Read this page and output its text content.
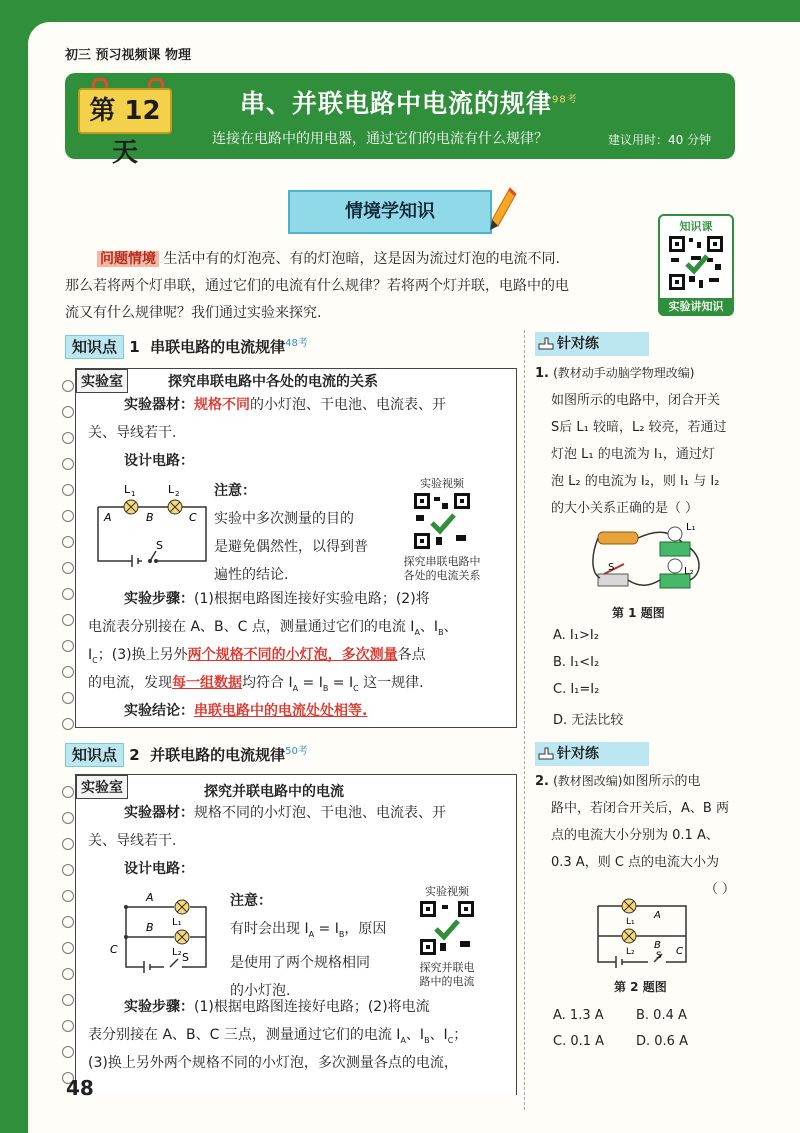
初三 预习视频课 物理
第 12 天
串、并联电路中电流的规律$^{98考}$
连接在电路中的用电器，通过它们的电流有什么规律？	建议用时：40 分钟
情境学知识
知识课
实验讲知识
问题情境 生活中有的灯泡亮、有的灯泡暗，这是因为流过灯泡的电流不同.
那么若将两个灯串联，通过它们的电流有什么规律？若将两个灯并联，电路中的电
流又有什么规律呢？我们通过实验来探究.
知识点 1 串联电路的电流规律$^{48考}$
实验室	探究串联电路中各处的电流的关系
实验器材：规格不同的小灯泡、干电池、电流表、开
关、导线若干.
设计电路：
L 1	L 2
A	B	C
S
注意：
实验中多次测量的目的
是避免偶然性，以得到普
遍性的结论.
实验视频
探究串联电路中
各处的电流关系
实验步骤：(1)根据电路图连接好实验电路；(2)将
电流表分别接在 A、B、C 点，测量通过它们的电流 $I_A$、$I_B$、
$I_C$；(3)换上另外两个规格不同的小灯泡，多次测量各点
的电流，发现每一组数据均符合 $I_A = I_B = I_C$ 这一规律.
实验结论：串联电路中的电流处处相等.
知识点 2 并联电路的电流规律$^{50考}$
实验室	探究并联电路中的电流
实验器材：规格不同的小灯泡、干电池、电流表、开
关、导线若干.
设计电路：
A
B
C
L₁
L₂ S
注意：
有时会出现 $I_A = I_B$，原因
是使用了两个规格相同
的小灯泡.
实验视频
探究并联电
路中的电流
实验步骤：(1)根据电路图连接好电路；(2)将电流
表分别接在 A、B、C 三点，测量通过它们的电流 $I_A$、$I_B$、$I_C$；
(3)换上另外两个规格不同的小灯泡，多次测量各点的电流，
针对练
1. (教材动手动脑学物理改编)
如图所示的电路中，闭合开关
S后 L₁ 较暗，L₂ 较亮，若通过
灯泡 L₁ 的电流为 I₁，通过灯
泡 L₂ 的电流为 I₂，则 I₁ 与 I₂
的大小关系正确的是（ ）
L₁
L₂
S
第 1 题图
A. I₁>I₂
B. I₁<I₂
C. I₁=I₂
D. 无法比较
针对练
2. (教材图改编)如图所示的电
路中，若闭合开关后，A、B 两
点的电流大小分别为 0.1 A、
0.3 A，则 C 点的电流大小为
（ ）
L₁
L₂
A
B
C
S
第 2 题图
A. 1.3 A B. 0.4 A
C. 0.1 A D. 0.6 A
48
